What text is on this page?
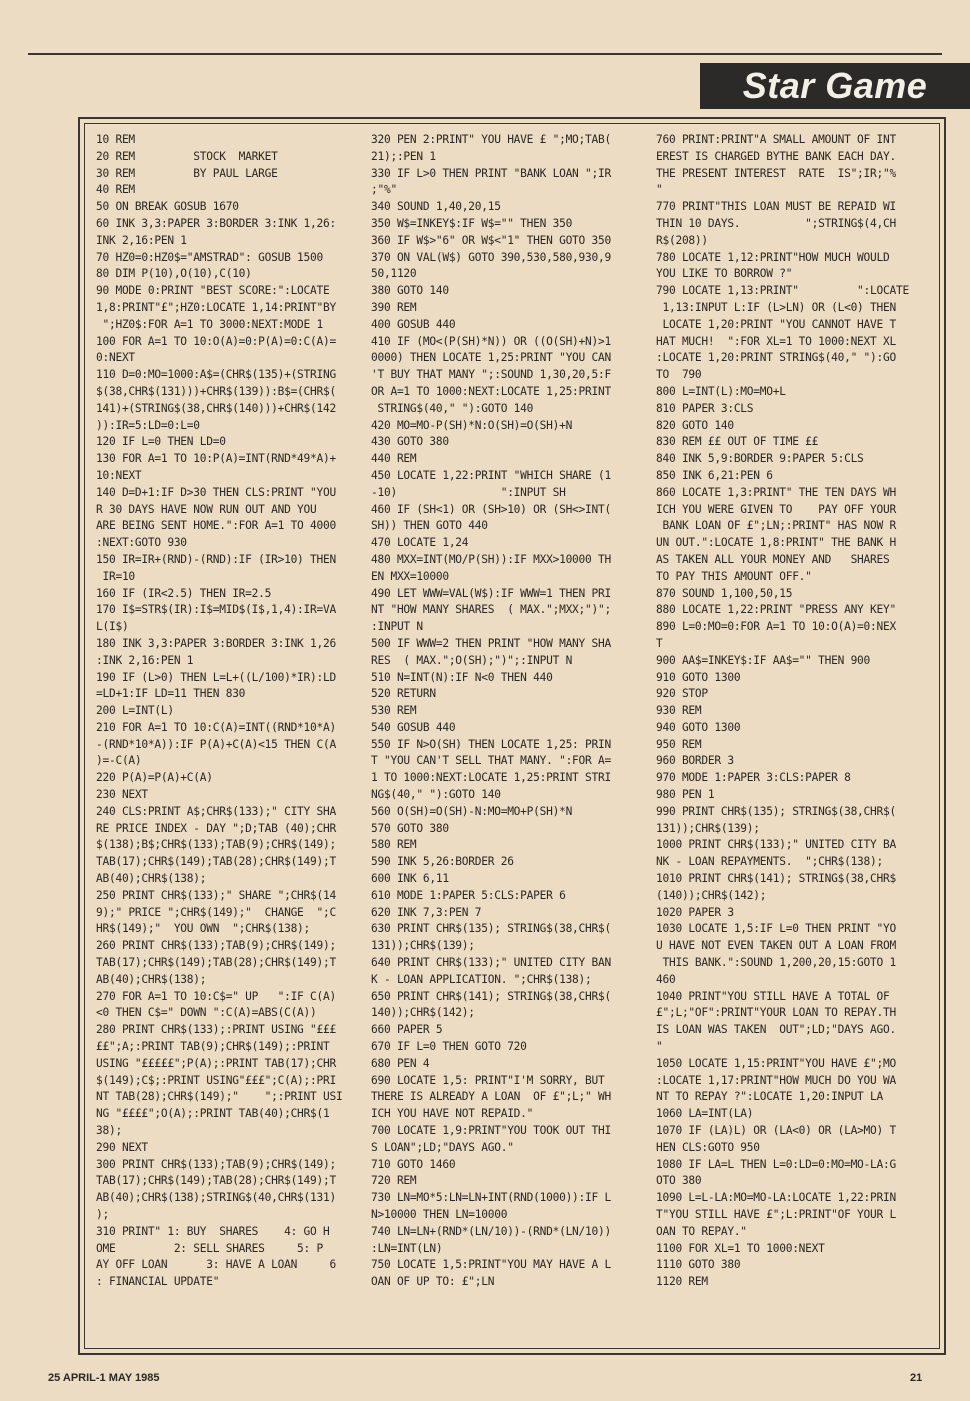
Star Game
10 REM
20 REM         STOCK  MARKET
30 REM         BY PAUL LARGE
40 REM
50 ON BREAK GOSUB 1670
60 INK 3,3:PAPER 3:BORDER 3:INK 1,26:
INK 2,16:PEN 1
70 HZ0=0:HZ0$="AMSTRAD": GOSUB 1500
80 DIM P(10),O(10),C(10)
90 MODE 0:PRINT "BEST SCORE:":LOCATE
1,8:PRINT"£";HZ0:LOCATE 1,14:PRINT"BY
";HZ0$:FOR A=1 TO 3000:NEXT:MODE 1
100 FOR A=1 TO 10:O(A)=0:P(A)=0:C(A)=
0:NEXT
110 D=0:MO=1000:A$=(CHR$(135)+(STRING
$(38,CHR$(131)))+CHR$(139)):B$=(CHR$(
141)+(STRING$(38,CHR$(140)))+CHR$(142
)):IR=5:LD=0:L=0
120 IF L=0 THEN LD=0
130 FOR A=1 TO 10:P(A)=INT(RND*49*A)+
10:NEXT
140 D=D+1:IF D>30 THEN CLS:PRINT "YOU
R 30 DAYS HAVE NOW RUN OUT AND YOU
ARE BEING SENT HOME.":FOR A=1 TO 4000
:NEXT:GOTO 930
150 IR=IR+(RND)-(RND):IF (IR>10) THEN
IR=10
160 IF (IR<2.5) THEN IR=2.5
170 I$=STR$(IR):I$=MID$(I$,1,4):IR=VA
L(I$)
180 INK 3,3:PAPER 3:BORDER 3:INK 1,26
:INK 2,16:PEN 1
190 IF (L>0) THEN L=L+((L/100)*IR):LD
=LD+1:IF LD=11 THEN 830
200 L=INT(L)
210 FOR A=1 TO 10:C(A)=INT((RND*10*A)
-(RND*10*A)):IF P(A)+C(A)<15 THEN C(A
)=-C(A)
220 P(A)=P(A)+C(A)
230 NEXT
240 CLS:PRINT A$;CHR$(133);" CITY SHA
RE PRICE INDEX - DAY ";D;TAB (40);CHR
$(138);B$;CHR$(133);TAB(9);CHR$(149);
TAB(17);CHR$(149);TAB(28);CHR$(149);T
AB(40);CHR$(138);
250 PRINT CHR$(133);" SHARE ";CHR$(14
9);" PRICE ";CHR$(149);"  CHANGE  ";C
HR$(149);"  YOU OWN  ";CHR$(138);
260 PRINT CHR$(133);TAB(9);CHR$(149);
TAB(17);CHR$(149);TAB(28);CHR$(149);T
AB(40);CHR$(138);
270 FOR A=1 TO 10:C$=" UP   ":IF C(A)
<0 THEN C$=" DOWN ":C(A)=ABS(C(A))
280 PRINT CHR$(133);:PRINT USING "£££
££";A;:PRINT TAB(9);CHR$(149);:PRINT
USING "£££££";P(A);:PRINT TAB(17);CHR
$(149);C$;:PRINT USING"£££";C(A);:PRI
NT TAB(28);CHR$(149);"    ";:PRINT USI
NG "££££";O(A);:PRINT TAB(40);CHR$(1
38);
290 NEXT
300 PRINT CHR$(133);TAB(9);CHR$(149);
TAB(17);CHR$(149);TAB(28);CHR$(149);T
AB(40);CHR$(138);STRING$(40,CHR$(131)
);
310 PRINT" 1: BUY  SHARES    4: GO H
OME         2: SELL SHARES     5: P
AY OFF LOAN      3: HAVE A LOAN     6
: FINANCIAL UPDATE"
320 PEN 2:PRINT" YOU HAVE £ ";MO;TAB(
21);:PEN 1
330 IF L>0 THEN PRINT "BANK LOAN ";IR
;"%"
340 SOUND 1,40,20,15
350 W$=INKEY$:IF W$="" THEN 350
360 IF W$>"6" OR W$<"1" THEN GOTO 350
370 ON VAL(W$) GOTO 390,530,580,930,9
50,1120
380 GOTO 140
390 REM
400 GOSUB 440
410 IF (MO<(P(SH)*N)) OR ((O(SH)+N)>1
0000) THEN LOCATE 1,25:PRINT "YOU CAN
'T BUY THAT MANY ";:SOUND 1,30,20,5:F
OR A=1 TO 1000:NEXT:LOCATE 1,25:PRINT
STRING$(40," "):GOTO 140
420 MO=MO-P(SH)*N:O(SH)=O(SH)+N
430 GOTO 380
440 REM
450 LOCATE 1,22:PRINT "WHICH SHARE (1
-10)                ":INPUT SH
460 IF (SH<1) OR (SH>10) OR (SH<>INT(
SH)) THEN GOTO 440
470 LOCATE 1,24
480 MXX=INT(MO/P(SH)):IF MXX>10000 TH
EN MXX=10000
490 LET WWW=VAL(W$):IF WWW=1 THEN PRI
NT "HOW MANY SHARES  ( MAX.";MXX;")";
:INPUT N
500 IF WWW=2 THEN PRINT "HOW MANY SHA
RES  ( MAX.";O(SH);")";:INPUT N
510 N=INT(N):IF N<0 THEN 440
520 RETURN
530 REM
540 GOSUB 440
550 IF N>O(SH) THEN LOCATE 1,25: PRIN
T "YOU CAN'T SELL THAT MANY. ":FOR A=
1 TO 1000:NEXT:LOCATE 1,25:PRINT STRI
NG$(40," "):GOTO 140
560 O(SH)=O(SH)-N:MO=MO+P(SH)*N
570 GOTO 380
580 REM
590 INK 5,26:BORDER 26
600 INK 6,11
610 MODE 1:PAPER 5:CLS:PAPER 6
620 INK 7,3:PEN 7
630 PRINT CHR$(135); STRING$(38,CHR$(
131));CHR$(139);
640 PRINT CHR$(133);" UNITED CITY BAN
K - LOAN APPLICATION. ";CHR$(138);
650 PRINT CHR$(141); STRING$(38,CHR$(
140));CHR$(142);
660 PAPER 5
670 IF L=0 THEN GOTO 720
680 PEN 4
690 LOCATE 1,5: PRINT"I'M SORRY, BUT
THERE IS ALREADY A LOAN  OF £";L;" WH
ICH YOU HAVE NOT REPAID."
700 LOCATE 1,9:PRINT"YOU TOOK OUT THI
S LOAN";LD;"DAYS AGO."
710 GOTO 1460
720 REM
730 LN=MO*5:LN=LN+INT(RND(1000)):IF L
N>10000 THEN LN=10000
740 LN=LN+(RND*(LN/10))-(RND*(LN/10))
:LN=INT(LN)
750 LOCATE 1,5:PRINT"YOU MAY HAVE A L
OAN OF UP TO: £";LN
760 PRINT:PRINT"A SMALL AMOUNT OF INT
EREST IS CHARGED BYTHE BANK EACH DAY.
THE PRESENT INTEREST  RATE  IS";IR;"%
"
770 PRINT"THIS LOAN MUST BE REPAID WI
THIN 10 DAYS.          ";STRING$(4,CH
R$(208))
780 LOCATE 1,12:PRINT"HOW MUCH WOULD
YOU LIKE TO BORROW ?"
790 LOCATE 1,13:PRINT"         ":LOCATE
1,13:INPUT L:IF (L>LN) OR (L<0) THEN
LOCATE 1,20:PRINT "YOU CANNOT HAVE T
HAT MUCH!  ":FOR XL=1 TO 1000:NEXT XL
:LOCATE 1,20:PRINT STRING$(40," "):GO
TO  790
800 L=INT(L):MO=MO+L
810 PAPER 3:CLS
820 GOTO 140
830 REM ££ OUT OF TIME ££
840 INK 5,9:BORDER 9:PAPER 5:CLS
850 INK 6,21:PEN 6
860 LOCATE 1,3:PRINT" THE TEN DAYS WH
ICH YOU WERE GIVEN TO    PAY OFF YOUR
BANK LOAN OF £";LN;:PRINT" HAS NOW R
UN OUT.":LOCATE 1,8:PRINT" THE BANK H
AS TAKEN ALL YOUR MONEY AND   SHARES
TO PAY THIS AMOUNT OFF."
870 SOUND 1,100,50,15
880 LOCATE 1,22:PRINT "PRESS ANY KEY"
890 L=0:MO=0:FOR A=1 TO 10:O(A)=0:NEX
T
900 AA$=INKEY$:IF AA$="" THEN 900
910 GOTO 1300
920 STOP
930 REM
940 GOTO 1300
950 REM
960 BORDER 3
970 MODE 1:PAPER 3:CLS:PAPER 8
980 PEN 1
990 PRINT CHR$(135); STRING$(38,CHR$(
131));CHR$(139);
1000 PRINT CHR$(133);" UNITED CITY BA
NK - LOAN REPAYMENTS.  ";CHR$(138);
1010 PRINT CHR$(141); STRING$(38,CHR$
(140));CHR$(142);
1020 PAPER 3
1030 LOCATE 1,5:IF L=0 THEN PRINT "YO
U HAVE NOT EVEN TAKEN OUT A LOAN FROM
THIS BANK.":SOUND 1,200,20,15:GOTO 1
460
1040 PRINT"YOU STILL HAVE A TOTAL OF
£";L;"OF":PRINT"YOUR LOAN TO REPAY.TH
IS LOAN WAS TAKEN  OUT";LD;"DAYS AGO.
"
1050 LOCATE 1,15:PRINT"YOU HAVE £";MO
:LOCATE 1,17:PRINT"HOW MUCH DO YOU WA
NT TO REPAY ?":LOCATE 1,20:INPUT LA
1060 LA=INT(LA)
1070 IF (LA)L) OR (LA<0) OR (LA>MO) T
HEN CLS:GOTO 950
1080 IF LA=L THEN L=0:LD=0:MO=MO-LA:G
OTO 380
1090 L=L-LA:MO=MO-LA:LOCATE 1,22:PRIN
T"YOU STILL HAVE £";L:PRINT"OF YOUR L
OAN TO REPAY."
1100 FOR XL=1 TO 1000:NEXT
1110 GOTO 380
1120 REM
25 APRIL-1 MAY 1985	21
